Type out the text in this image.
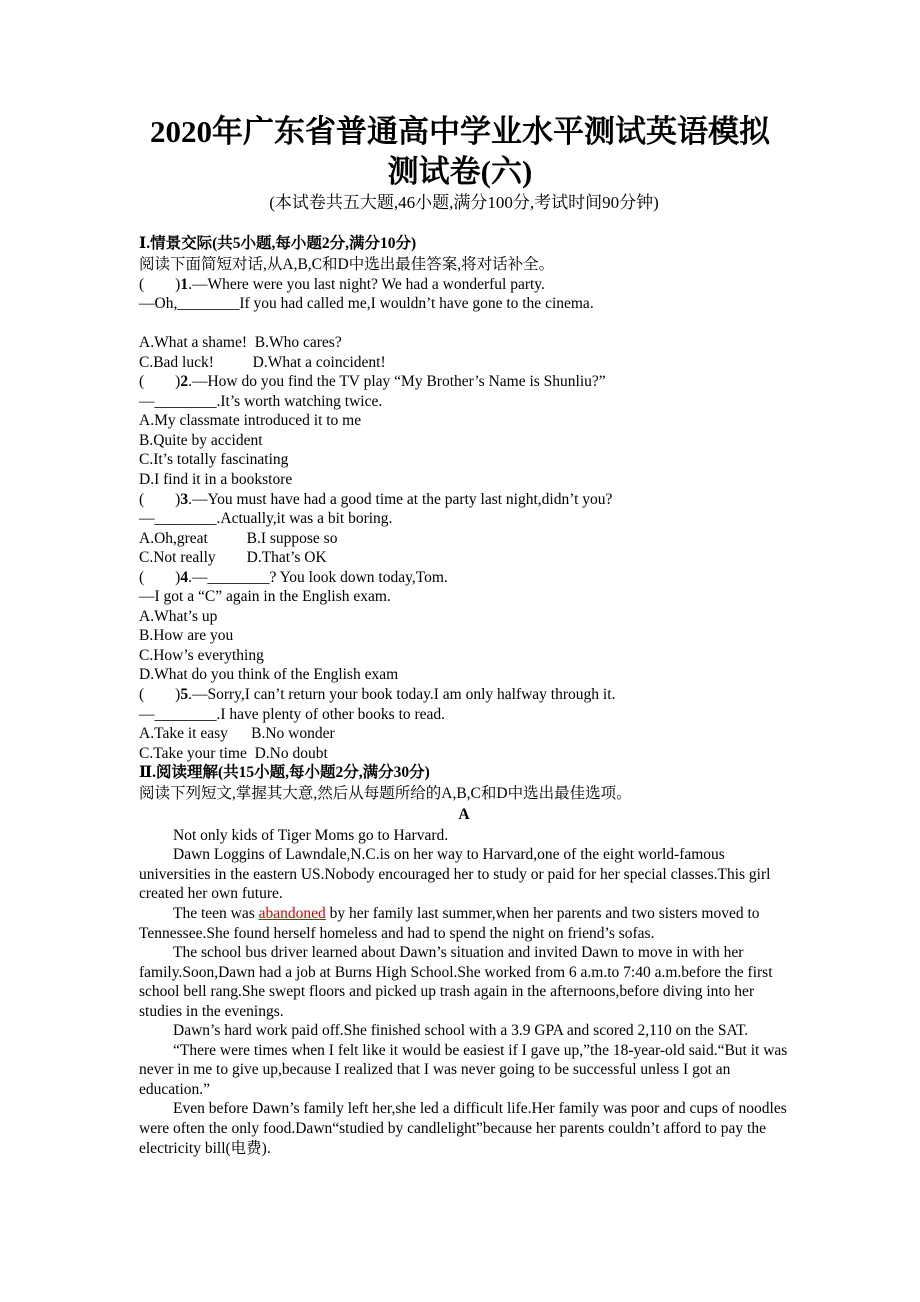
2020年广东省普通高中学业水平测试英语模拟
测试卷(六)
(本试卷共五大题,46小题,满分100分,考试时间90分钟)
Ⅰ.情景交际(共5小题,每小题2分,满分10分)
阅读下面简短对话,从A,B,C和D中选出最佳答案,将对话补全。
(        )1.—Where were you last night? We had a wonderful party.
—Oh,________If you had called me,I wouldn’t have gone to the cinema.
A.What a shame!  B.Who cares?
C.Bad luck!          D.What a coincident!
(        )2.—How do you find the TV play “My Brother’s Name is Shunliu?”
—________.It’s worth watching twice.
A.My classmate introduced it to me
B.Quite by accident
C.It’s totally fascinating
D.I find it in a bookstore
(        )3.—You must have had a good time at the party last night,didn’t you?
—________.Actually,it was a bit boring.
A.Oh,great          B.I suppose so
C.Not really        D.That’s OK
(        )4.—________? You look down today,Tom.
—I got a “C” again in the English exam.
A.What’s up
B.How are you
C.How’s everything
D.What do you think of the English exam
(        )5.—Sorry,I can’t return your book today.I am only halfway through it.
—________.I have plenty of other books to read.
A.Take it easy      B.No wonder
C.Take your time  D.No doubt
Ⅱ.阅读理解(共15小题,每小题2分,满分30分)
阅读下列短文,掌握其大意,然后从每题所给的A,B,C和D中选出最佳选项。
A
Not only kids of Tiger Moms go to Harvard.
Dawn Loggins of Lawndale,N.C.is on her way to Harvard,one of the eight world-famous universities in the eastern US.Nobody encouraged her to study or paid for her special classes.This girl created her own future.
The teen was abandoned by her family last summer,when her parents and two sisters moved to Tennessee.She found herself homeless and had to spend the night on friend’s sofas.
The school bus driver learned about Dawn’s situation and invited Dawn to move in with her family.Soon,Dawn had a job at Burns High School.She worked from 6 a.m.to 7:40 a.m.before the first school bell rang.She swept floors and picked up trash again in the afternoons,before diving into her studies in the evenings.
Dawn’s hard work paid off.She finished school with a 3.9 GPA and scored 2,110 on the SAT.
“There were times when I felt like it would be easiest if I gave up,”the 18-year-old said.“But it was never in me to give up,because I realized that I was never going to be successful unless I got an education.”
Even before Dawn’s family left her,she led a difficult life.Her family was poor and cups of noodles were often the only food.Dawn“studied by candlelight”because her parents couldn’t afford to pay the electricity bill(电费).
